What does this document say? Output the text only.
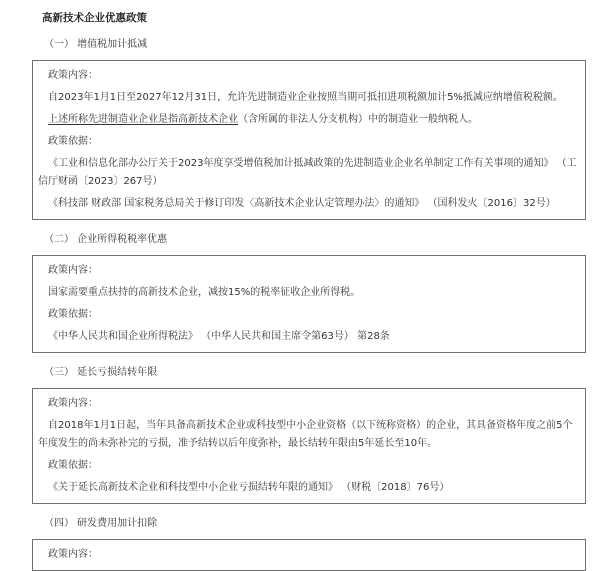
高新技术企业优惠政策
（一） 增值税加计抵减

政策内容：

自2023年1月1日至2027年12月31日，允许先进制造业企业按照当期可抵扣进项税额加计5%抵减应纳增值税税额。

上述所称先进制造业企业是指高新技术企业（含所属的非法人分支机构）中的制造业一般纳税人。

政策依据：

《工业和信息化部办公厅关于2023年度享受增值税加计抵减政策的先进制造业企业名单制定工作有关事项的通知》 （工信厅财函〔2023〕267号）

《科技部 财政部 国家税务总局关于修订印发〈高新技术企业认定管理办法〉的通知》 （国科发火〔2016〕32号）

（二） 企业所得税税率优惠

政策内容：

国家需要重点扶持的高新技术企业，减按15%的税率征收企业所得税。

政策依据：

《中华人民共和国企业所得税法》 （中华人民共和国主席令第63号） 第28条

（三） 延长亏损结转年限

政策内容：

自2018年1月1日起，当年具备高新技术企业或科技型中小企业资格（以下统称资格）的企业，其具备资格年度之前5个年度发生的尚未弥补完的亏损，准予结转以后年度弥补，最长结转年限由5年延长至10年。

政策依据：

《关于延长高新技术企业和科技型中小企业亏损结转年限的通知》 （财税〔2018〕76号）

（四） 研发费用加计扣除

政策内容：
